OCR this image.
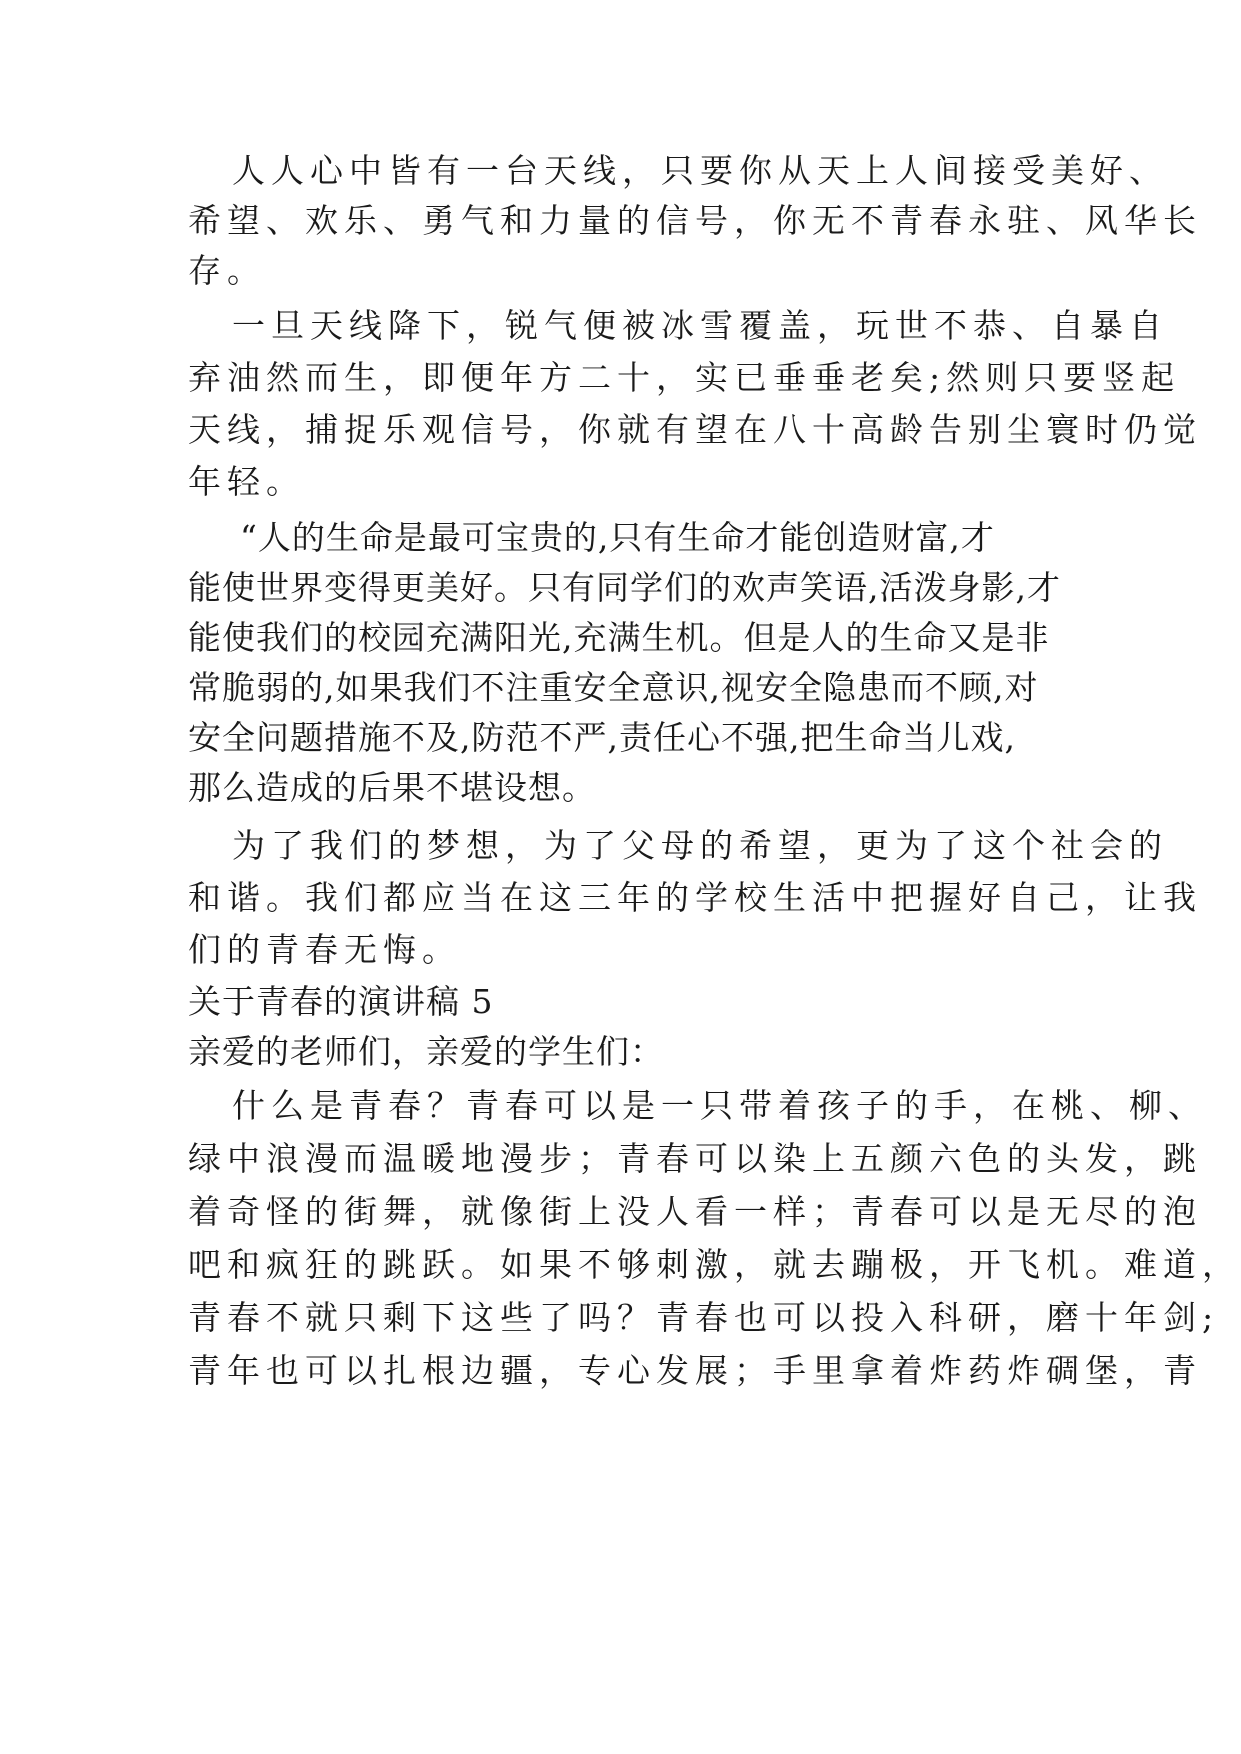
人人心中皆有一台天线，只要你从天上人间接受美好、

希望、欢乐、勇气和力量的信号，你无不青春永驻、风华长

存。

一旦天线降下，锐气便被冰雪覆盖，玩世不恭、自暴自

弃油然而生，即便年方二十，实已垂垂老矣;然则只要竖起

天线，捕捉乐观信号，你就有望在八十高龄告别尘寰时仍觉

年轻。

“人的生命是最可宝贵的,只有生命才能创造财富,才

能使世界变得更美好。只有同学们的欢声笑语,活泼身影,才

能使我们的校园充满阳光,充满生机。但是人的生命又是非

常脆弱的,如果我们不注重安全意识,视安全隐患而不顾,对

安全问题措施不及,防范不严,责任心不强,把生命当儿戏,

那么造成的后果不堪设想。

为了我们的梦想，为了父母的希望，更为了这个社会的

和谐。我们都应当在这三年的学校生活中把握好自己，让我

们的青春无悔。

关于青春的演讲稿 5

亲爱的老师们，亲爱的学生们：

什么是青春？青春可以是一只带着孩子的手，在桃、柳、

绿中浪漫而温暖地漫步；青春可以染上五颜六色的头发，跳

着奇怪的街舞，就像街上没人看一样；青春可以是无尽的泡

吧和疯狂的跳跃。如果不够刺激，就去蹦极，开飞机。难道，

青春不就只剩下这些了吗？青春也可以投入科研，磨十年剑;

青年也可以扎根边疆，专心发展；手里拿着炸药炸碉堡，青
